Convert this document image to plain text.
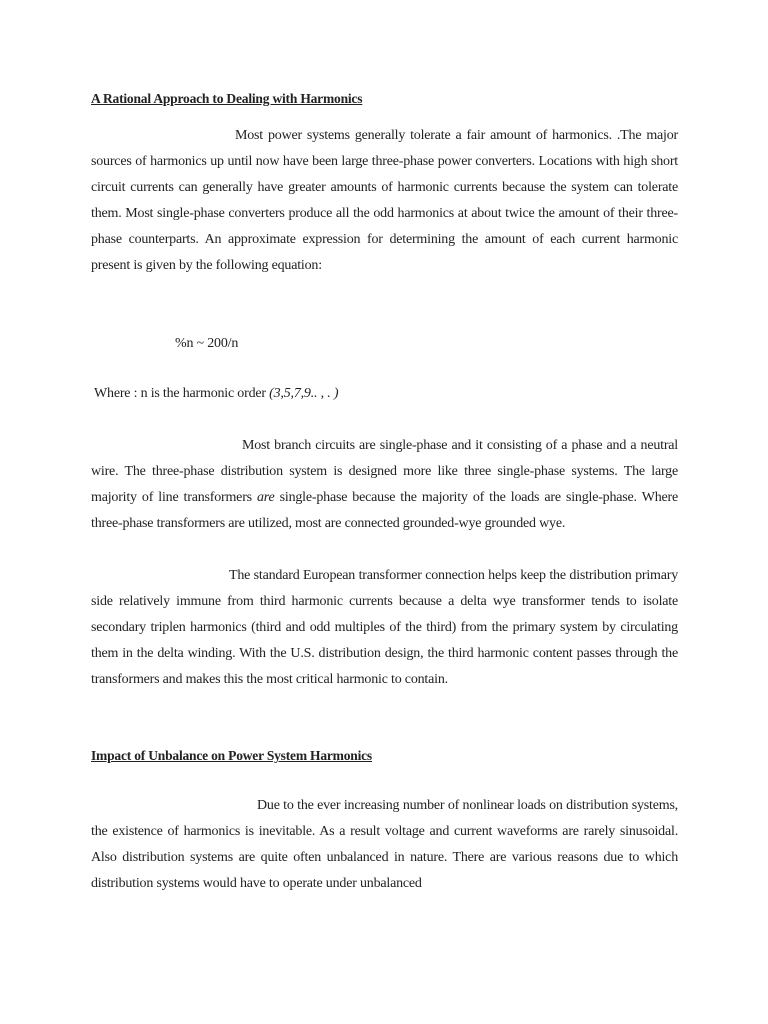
A Rational Approach to Dealing with Harmonics

Most power systems generally tolerate a fair amount of harmonics. .The major sources of harmonics up until now have been large three-phase power converters. Locations with high short circuit currents can generally have greater amounts of harmonic currents because the system can tolerate them. Most single-phase converters produce all the odd harmonics at about twice the amount of their three-phase counterparts. An approximate expression for determining the amount of each current harmonic present is given by the following equation:

%n ~ 200/n
Where : n is the harmonic order (3,5,7,9.. , . )

Most branch circuits are single-phase and it consisting of a phase and a neutral wire. The three-phase distribution system is designed more like three single-phase systems. The large majority of line transformers are single-phase because the majority of the loads are single-phase. Where three-phase transformers are utilized, most are connected grounded-wye grounded wye.

The standard European transformer connection helps keep the distribution primary side relatively immune from third harmonic currents because a delta wye transformer tends to isolate secondary triplen harmonics (third and odd multiples of the third) from the primary system by circulating them in the delta winding. With the U.S. distribution design, the third harmonic content passes through the transformers and makes this the most critical harmonic to contain.

Impact of Unbalance on Power System Harmonics

Due to the ever increasing number of nonlinear loads on distribution systems, the existence of harmonics is inevitable. As a result voltage and current waveforms are rarely sinusoidal. Also distribution systems are quite often unbalanced in nature. There are various reasons due to which distribution systems would have to operate under unbalanced
